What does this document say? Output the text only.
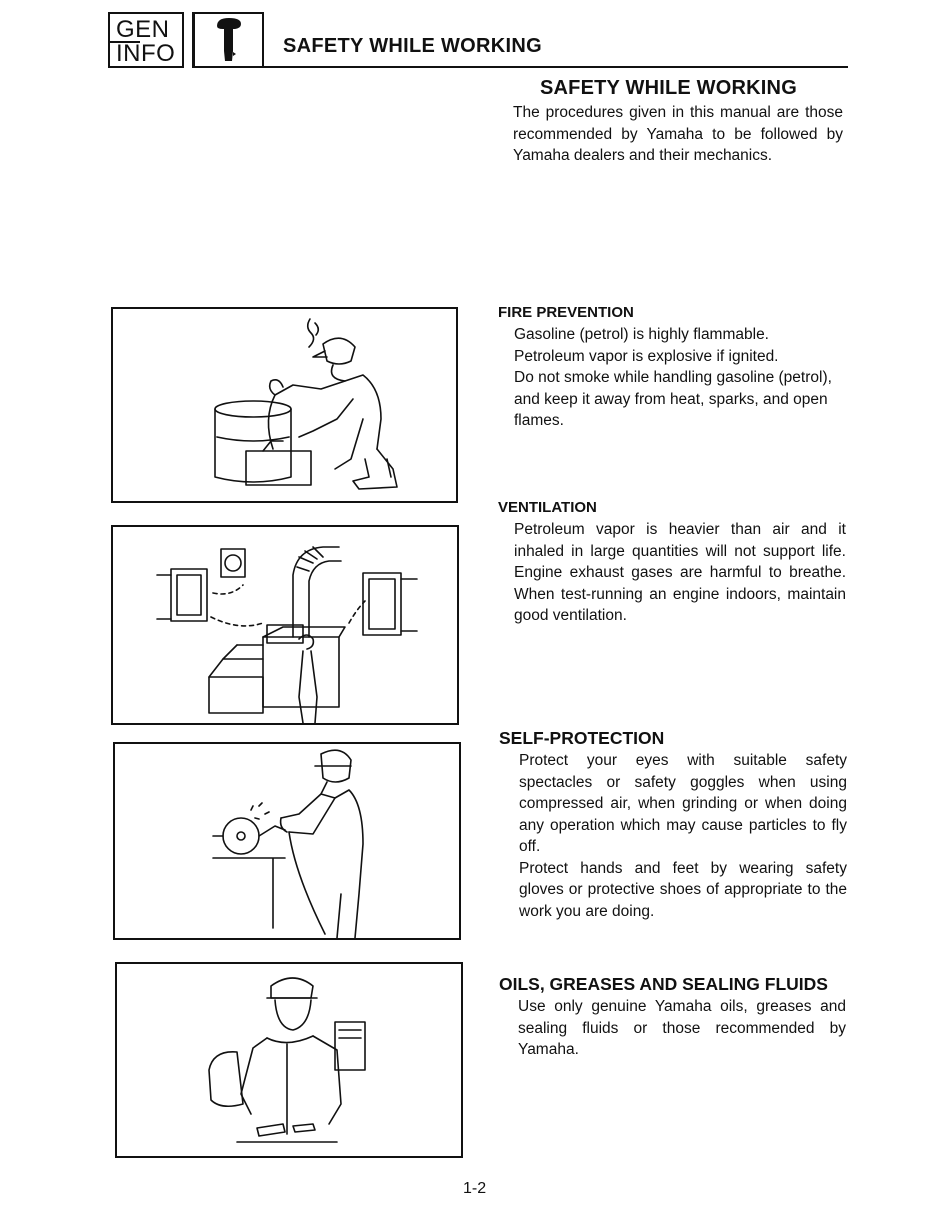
GEN
INFO	SAFETY WHILE WORKING
SAFETY WHILE WORKING
The procedures given in this manual are those recommended by Yamaha to be followed by Yamaha dealers and their mechanics.
FIRE PREVENTION

Gasoline (petrol) is highly flammable.

Petroleum vapor is explosive if ignited.

Do not smoke while handling gasoline (petrol), and keep it away from heat, sparks, and open flames.

VENTILATION

Petroleum vapor is heavier than air and it inhaled in large quantities will not support life. Engine exhaust gases are harmful to breathe. When test-running an engine indoors, maintain good ventilation.

SELF-PROTECTION

Protect your eyes with suitable safety spectacles or safety goggles when using compressed air, when grinding or when doing any operation which may cause particles to fly off.

Protect hands and feet by wearing safety gloves or protective shoes of appropriate to the work you are doing.

OILS, GREASES AND SEALING FLUIDS

Use only genuine Yamaha oils, greases and sealing fluids or those recommended by Yamaha.

1-2
